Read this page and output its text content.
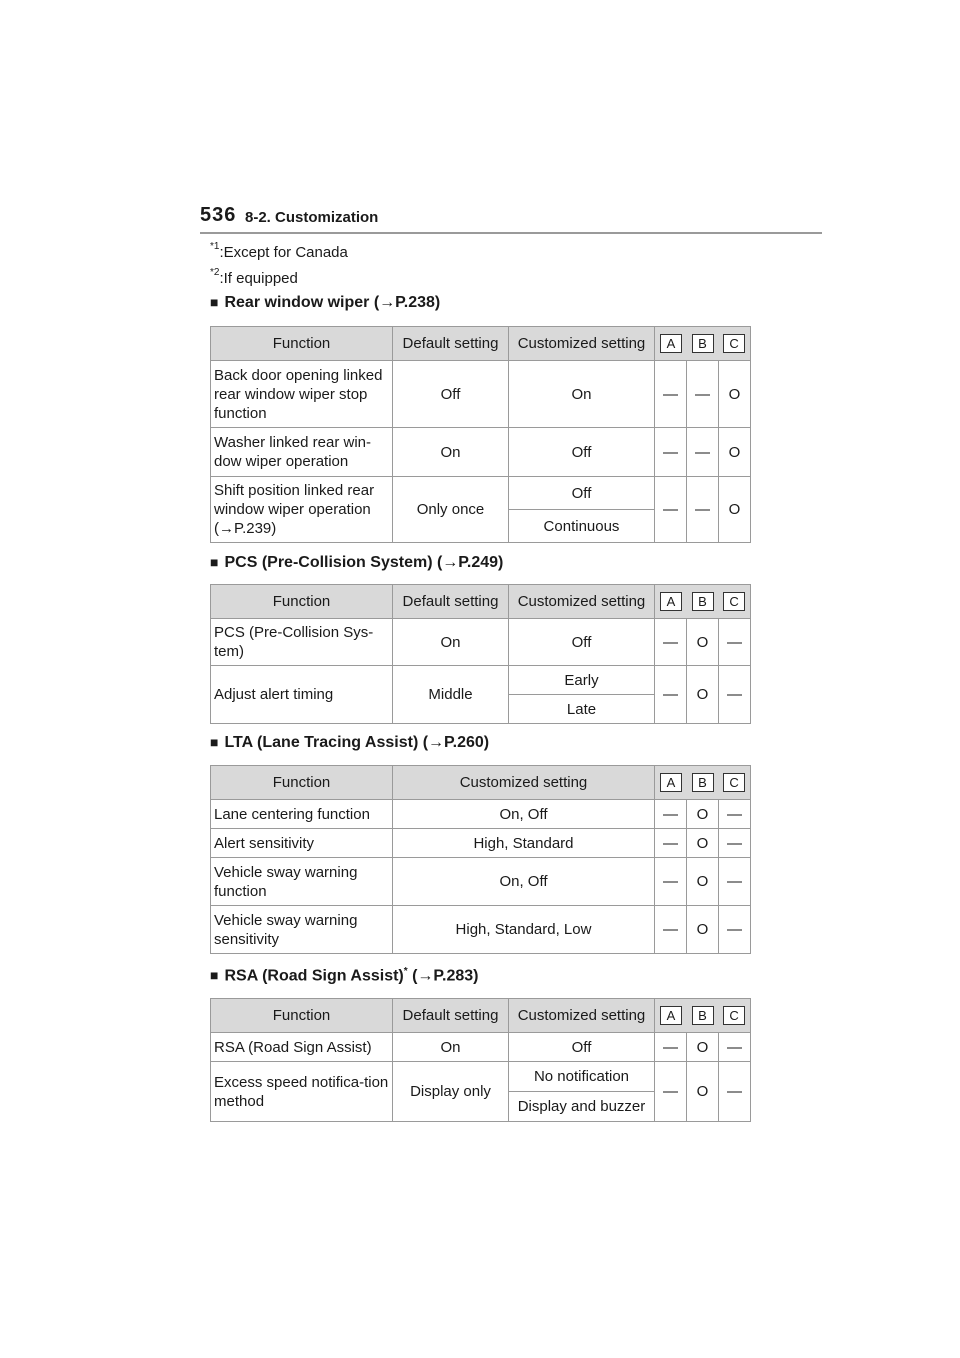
536 8-2. Customization
$^{*1}$:Except for Canada
$^{*2}$:If equipped
■ Rear window wiper (→P.238)
Function	Default setting	Customized setting	A B C		

Back door opening linked rear window wiper stop function	Off	On	—	—	O
Washer linked rear win-dow wiper operation	On	Off	—	—	O
Shift position linked rear window wiper operation (→P.239)	Only once	Off	—	—	O
		Continuous			
■ PCS (Pre-Collision System) (→P.249)
Function	Default setting	Customized setting	A B C		

PCS (Pre-Collision Sys-tem)	On	Off	—	O	—
Adjust alert timing	Middle	Early	—	O	—
		Late			
■ LTA (Lane Tracing Assist) (→P.260)
Function	Customized setting	A B C		

Lane centering function	On, Off	—	O	—
Alert sensitivity	High, Standard	—	O	—
Vehicle sway warning function	On, Off	—	O	—
Vehicle sway warning sensitivity	High, Standard, Low	—	O	—
■ RSA (Road Sign Assist)* (→P.283)
Function	Default setting	Customized setting	A B C		

RSA (Road Sign Assist)	On	Off	—	O	—
Excess speed notifica-tion method	Display only	No notification	—	O	—
		Display and buzzer			
